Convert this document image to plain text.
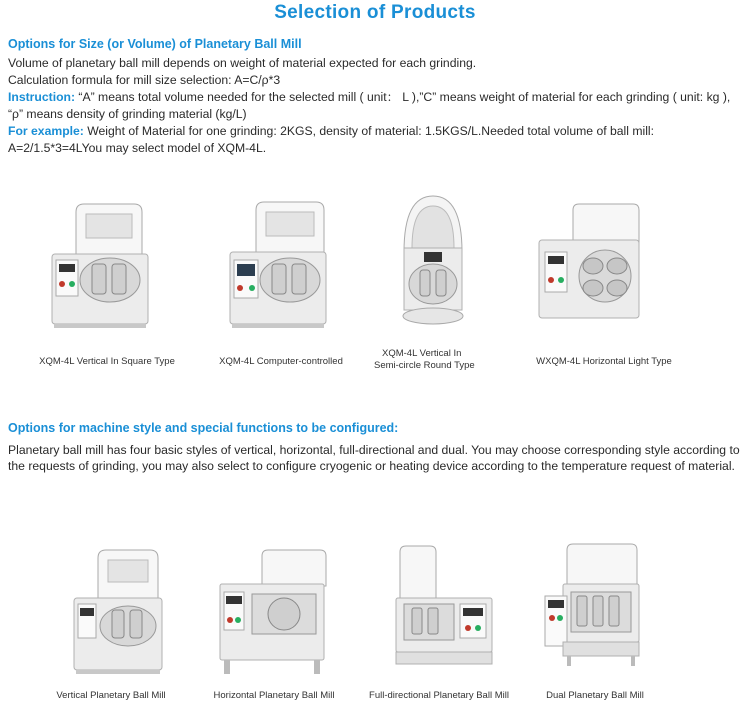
Selection of Products
Options for Size (or Volume) of Planetary Ball Mill
Volume of planetary ball mill depends on weight of material expected for each grinding.
Calculation formula for mill size selection: A=C/ρ*3
Instruction: “A” means total volume needed for the selected mill ( unit： L ),”C” means weight of material for each grinding ( unit: kg ), “ρ” means density of grinding material (kg/L)
For example: Weight of Material for one grinding: 2KGS, density of material: 1.5KGS/L.Needed total volume of ball mill: A=2/1.5*3=4LYou may select model of XQM-4L.
XQM-4L Vertical In Square Type	XQM-4L Computer-controlled
XQM-4L Vertical In
Semi-circle Round Type	WXQM-4L Horizontal Light Type
Options for machine style and special functions to be configured:
Planetary ball mill has four basic styles of vertical, horizontal, full-directional and dual. You may choose corresponding style according to the requests of grinding, you may also select to configure cryogenic or heating device according to the temperature request of material.
Vertical Planetary Ball Mill	Horizontal Planetary Ball Mill	Full-directional Planetary Ball Mill	Dual Planetary Ball Mill
